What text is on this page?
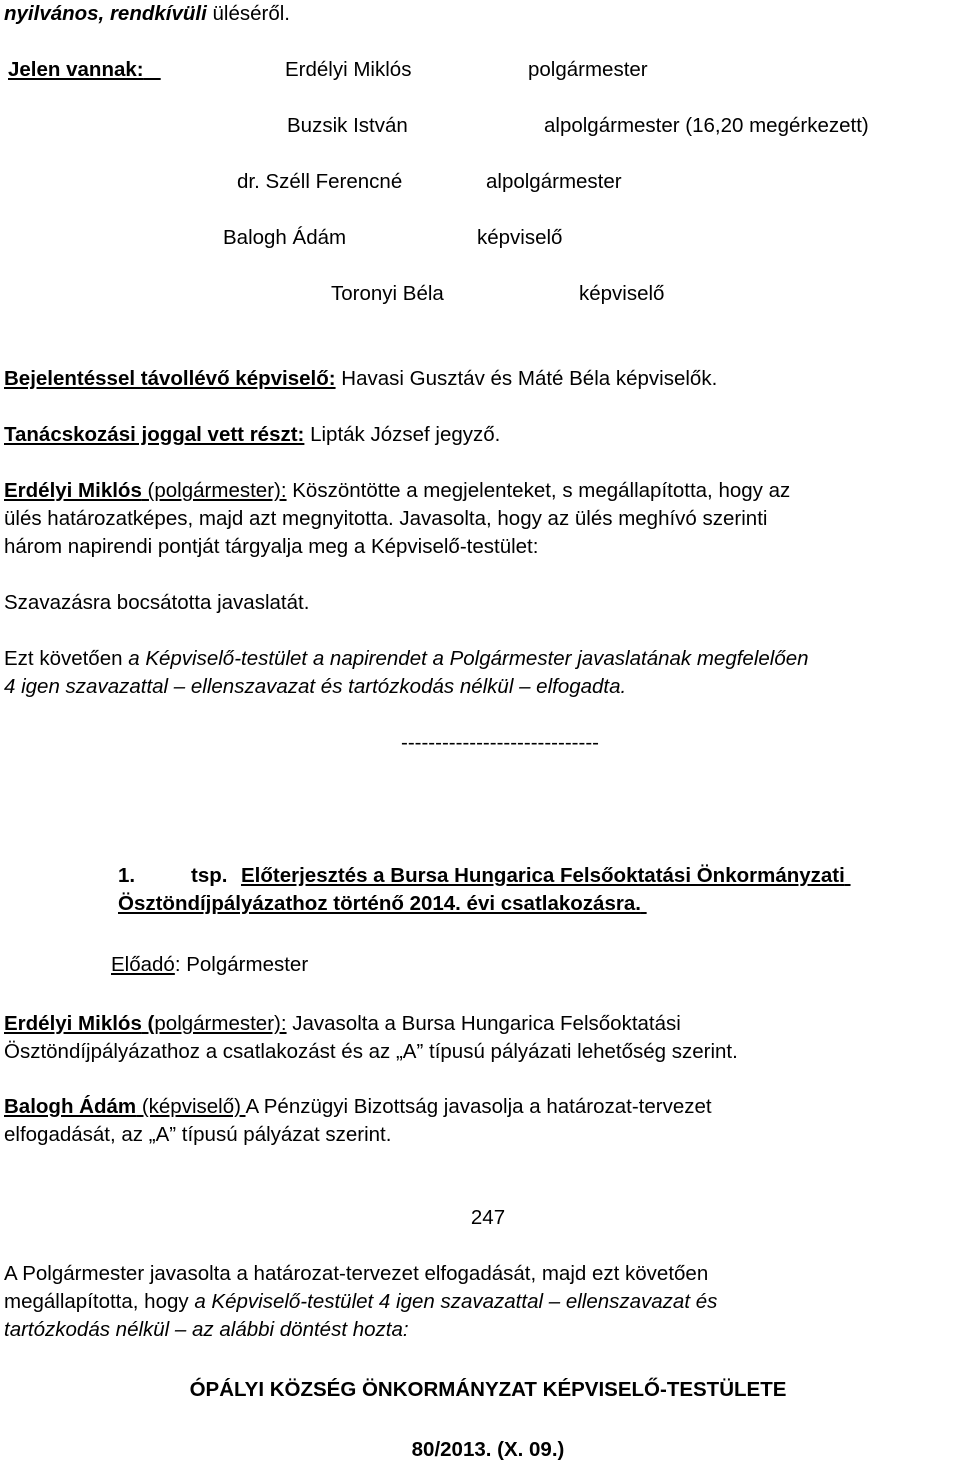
nyilvános, rendkívüli üléséről.
Jelen vannak:	Erdélyi Miklós	polgármester
Buzsik István	alpolgármester (16,20 megérkezett)
dr. Széll Ferencné	alpolgármester
Balogh Ádám	képviselő
Toronyi Béla	képviselő
Bejelentéssel távollévő képviselő: Havasi Gusztáv és Máté Béla képviselők.
Tanácskozási joggal vett részt: Lipták József jegyző.
Erdélyi Miklós (polgármester): Köszöntötte a megjelenteket, s megállapította, hogy az
ülés határozatképes, majd azt megnyitotta. Javasolta, hogy az ülés meghívó szerinti
három napirendi pontját tárgyalja meg a Képviselő-testület:
Szavazásra bocsátotta javaslatát.
Ezt követően a Képviselő-testület a napirendet a Polgármester javaslatának megfelelően
4 igen szavazattal – ellenszavazat és tartózkodás nélkül – elfogadta.
-----------------------------
1.	tsp. Előterjesztés a Bursa Hungarica Felsőoktatási Önkormányzati
Ösztöndíjpályázathoz történő 2014. évi csatlakozásra.
Előadó: Polgármester
Erdélyi Miklós (polgármester): Javasolta a Bursa Hungarica Felsőoktatási
Ösztöndíjpályázathoz a csatlakozást és az „A” típusú pályázati lehetőség szerint.
Balogh Ádám (képviselő) A Pénzügyi Bizottság javasolja a határozat-tervezet
elfogadását, az „A” típusú pályázat szerint.
247
A Polgármester javasolta a határozat-tervezet elfogadását, majd ezt követően
megállapította, hogy a Képviselő-testület 4 igen szavazattal – ellenszavazat és
tartózkodás nélkül – az alábbi döntést hozta:
ÓPÁLYI KÖZSÉG ÖNKORMÁNYZAT KÉPVISELŐ-TESTÜLETE
80/2013. (X. 09.)
